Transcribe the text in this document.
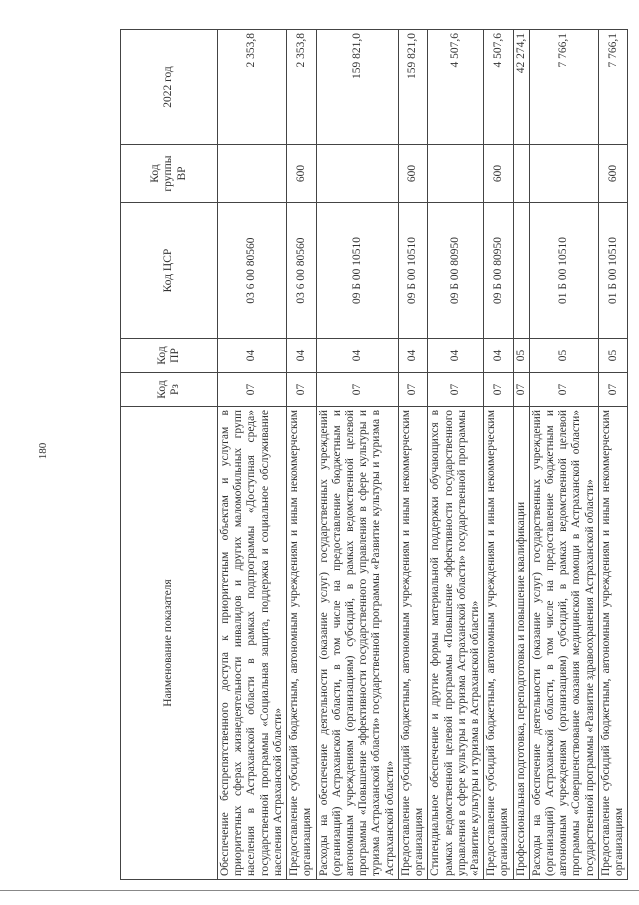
180
Наименование показателя	Код Рз	Код ПР	Код ЦСР	Код группы ВР	2022 год
Обеспечение беспрепятственного доступа к приоритетным объектам и услугам в приоритетных сферах жизнедеятельности инвалидов и других маломобильных групп населения в Астраханской области в рамках подпрограммы «Доступная среда» государственной программы «Социальная защита, поддержка и социальное обслуживание населения Астраханской области»	07	04	03 6 00 80560		2 353,8
Предоставление субсидий бюджетным, автономным учреждениям и иным некоммерческим организациям	07	04	03 6 00 80560	600	2 353,8
Расходы на обеспечение деятельности (оказание услуг) государственных учреждений (организаций) Астраханской области, в том числе на предоставление бюджетным и автономным учреждениям (организациям) субсидий, в рамках ведомственной целевой программы «Повышение эффективности государственного управления в сфере культуры и туризма Астраханской области» государственной программы «Развитие культуры и туризма в Астраханской области»	07	04	09 Б 00 10510		159 821,0
Предоставление субсидий бюджетным, автономным учреждениям и иным некоммерческим организациям	07	04	09 Б 00 10510	600	159 821,0
Стипендиальное обеспечение и другие формы материальной поддержки обучающихся в рамках ведомственной целевой программы «Повышение эффективности государственного управления в сфере культуры и туризма Астраханской области» государственной программы «Развитие культуры и туризма в Астраханской области»	07	04	09 Б 00 80950		4 507,6
Предоставление субсидий бюджетным, автономным учреждениям и иным некоммерческим организациям	07	04	09 Б 00 80950	600	4 507,6
Профессиональная подготовка, переподготовка и повышение квалификации	07	05			42 274,1
Расходы на обеспечение деятельности (оказание услуг) государственных учреждений (организаций) Астраханской области, в том числе на предоставление бюджетным и автономным учреждениям (организациям) субсидий, в рамках ведомственной целевой программы «Совершенствование оказания медицинской помощи в Астраханской области» государственной программы «Развитие здравоохранения Астраханской области»	07	05	01 Б 00 10510		7 766,1
Предоставление субсидий бюджетным, автономным учреждениям и иным некоммерческим организациям	07	05	01 Б 00 10510	600	7 766,1
